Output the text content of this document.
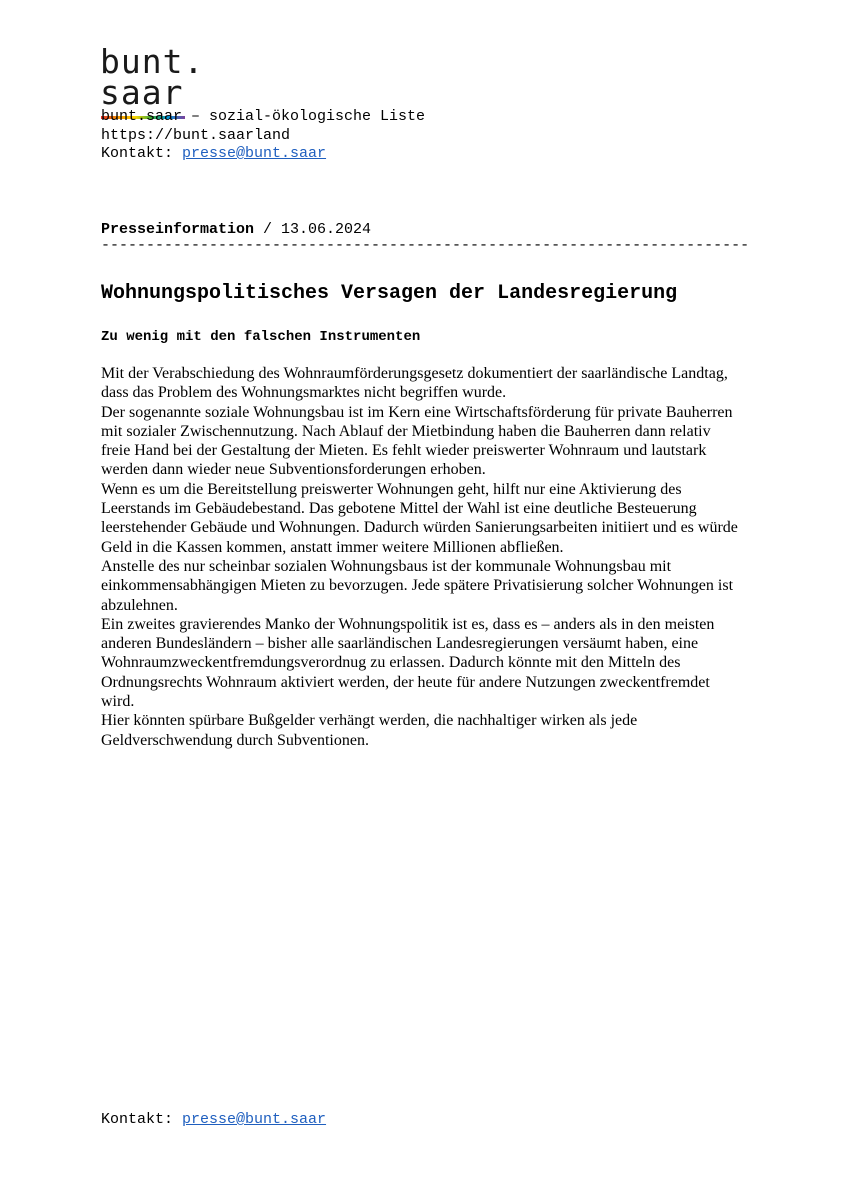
bunt.
saar
bunt.saar – sozial-ökologische Liste
https://bunt.saarland
Kontakt: presse@bunt.saar
Presseinformation / 13.06.2024
------------------------------------------------------------------------
Wohnungspolitisches Versagen der Landesregierung
Zu wenig mit den falschen Instrumenten

Mit der Verabschiedung des Wohnraumförderungsgesetz dokumentiert der saarländische Landtag, dass das Problem des Wohnungsmarktes nicht begriffen wurde.

Der sogenannte soziale Wohnungsbau ist im Kern eine Wirtschaftsförderung für private Bauherren mit sozialer Zwischennutzung. Nach Ablauf der Mietbindung haben die Bauherren dann relativ freie Hand bei der Gestaltung der Mieten. Es fehlt wieder preiswerter Wohnraum und lautstark werden dann wieder neue Subventionsforderungen erhoben.

Wenn es um die Bereitstellung preiswerter Wohnungen geht, hilft nur eine Aktivierung des Leerstands im Gebäudebestand. Das gebotene Mittel der Wahl ist eine deutliche Besteuerung leerstehender Gebäude und Wohnungen. Dadurch würden Sanierungsarbeiten initiiert und es würde Geld in die Kassen kommen, anstatt immer weitere Millionen abfließen.

Anstelle des nur scheinbar sozialen Wohnungsbaus ist der kommunale Wohnungsbau mit einkommensabhängigen Mieten zu bevorzugen. Jede spätere Privatisierung solcher Wohnungen ist abzulehnen.

Ein zweites gravierendes Manko der Wohnungspolitik ist es, dass es – anders als in den meisten anderen Bundesländern – bisher alle saarländischen Landesregierungen versäumt haben, eine Wohnraumzweckentfremdungsverordnug zu erlassen. Dadurch könnte mit den Mitteln des Ordnungsrechts Wohnraum aktiviert werden, der heute für andere Nutzungen zweckentfremdet wird.

Hier könnten spürbare Bußgelder verhängt werden, die nachhaltiger wirken als jede Geldverschwendung durch Subventionen.

Kontakt: presse@bunt.saar
